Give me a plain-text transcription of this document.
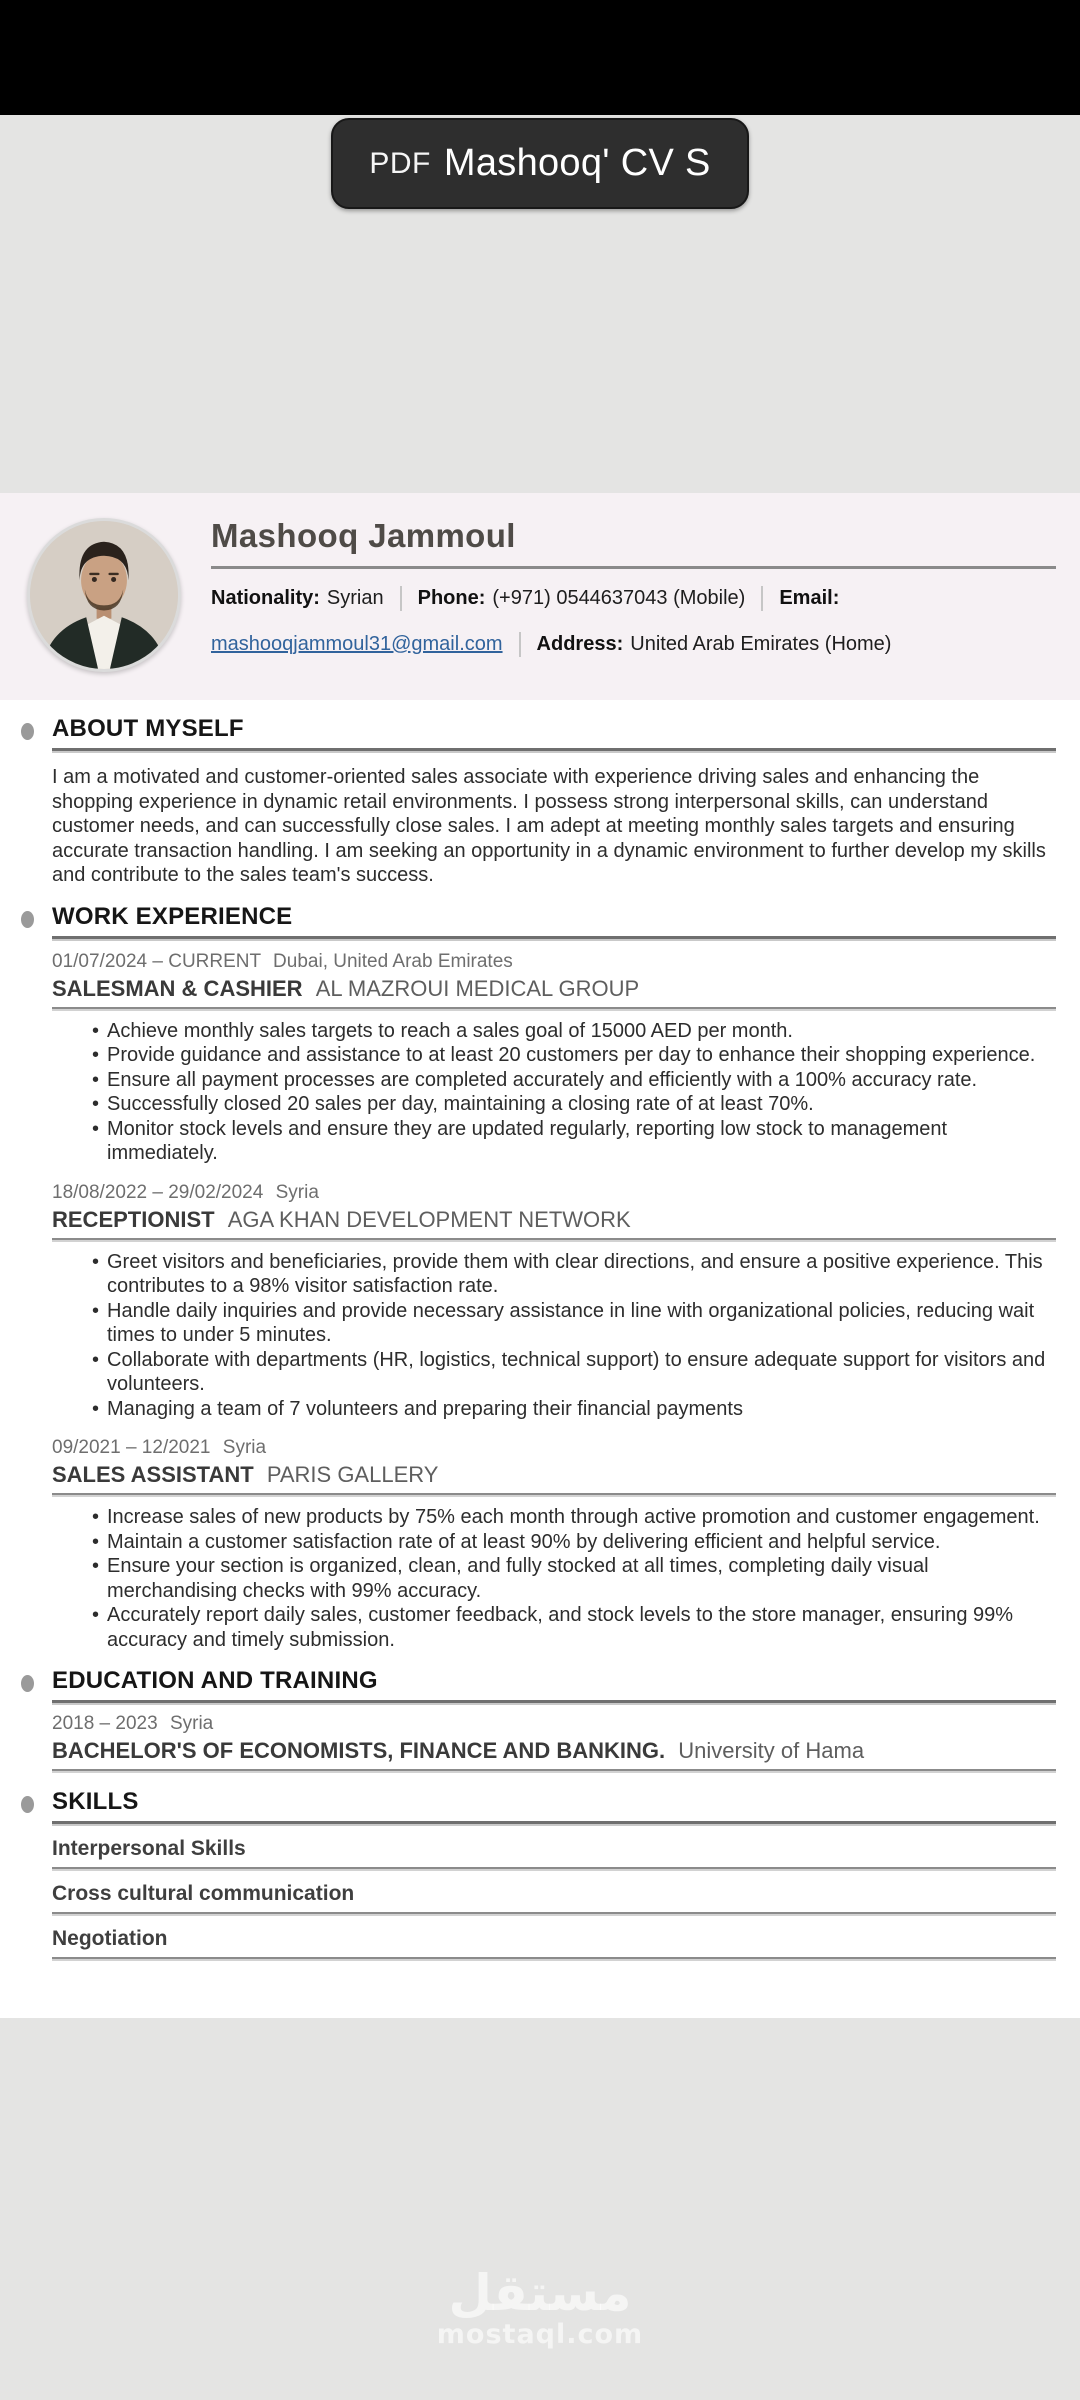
PDF Mashooq' CV S
Mashooq Jammoul
Nationality: Syrian Phone: (+971) 0544637043 (Mobile) Email:
mashooqjammoul31@gmail.com Address: United Arab Emirates (Home)
ABOUT MYSELF

I am a motivated and customer-oriented sales associate with experience driving sales and enhancing the shopping experience in dynamic retail environments. I possess strong interpersonal skills, can understand customer needs, and can successfully close sales. I am adept at meeting monthly sales targets and ensuring accurate transaction handling. I am seeking an opportunity in a dynamic environment to further develop my skills and contribute to the sales team's success.

WORK EXPERIENCE
01/07/2024 – CURRENT Dubai, United Arab Emirates
SALESMAN & CASHIER AL MAZROUI MEDICAL GROUP
• Achieve monthly sales targets to reach a sales goal of 15000 AED per month.
• Provide guidance and assistance to at least 20 customers per day to enhance their shopping experience.
• Ensure all payment processes are completed accurately and efficiently with a 100% accuracy rate.
• Successfully closed 20 sales per day, maintaining a closing rate of at least 70%.
• Monitor stock levels and ensure they are updated regularly, reporting low stock to management immediately.
18/08/2022 – 29/02/2024 Syria
RECEPTIONIST AGA KHAN DEVELOPMENT NETWORK
• Greet visitors and beneficiaries, provide them with clear directions, and ensure a positive experience. This contributes to a 98% visitor satisfaction rate.
• Handle daily inquiries and provide necessary assistance in line with organizational policies, reducing wait times to under 5 minutes.
• Collaborate with departments (HR, logistics, technical support) to ensure adequate support for visitors and volunteers.
• Managing a team of 7 volunteers and preparing their financial payments
09/2021 – 12/2021 Syria
SALES ASSISTANT PARIS GALLERY
• Increase sales of new products by 75% each month through active promotion and customer engagement.
• Maintain a customer satisfaction rate of at least 90% by delivering efficient and helpful service.
• Ensure your section is organized, clean, and fully stocked at all times, completing daily visual merchandising checks with 99% accuracy.
• Accurately report daily sales, customer feedback, and stock levels to the store manager, ensuring 99% accuracy and timely submission.
EDUCATION AND TRAINING
2018 – 2023 Syria
BACHELOR'S OF ECONOMISTS, FINANCE AND BANKING. University of Hama
SKILLS
Interpersonal Skills
Cross cultural communication
Negotiation
مستقل
mostaql.com
